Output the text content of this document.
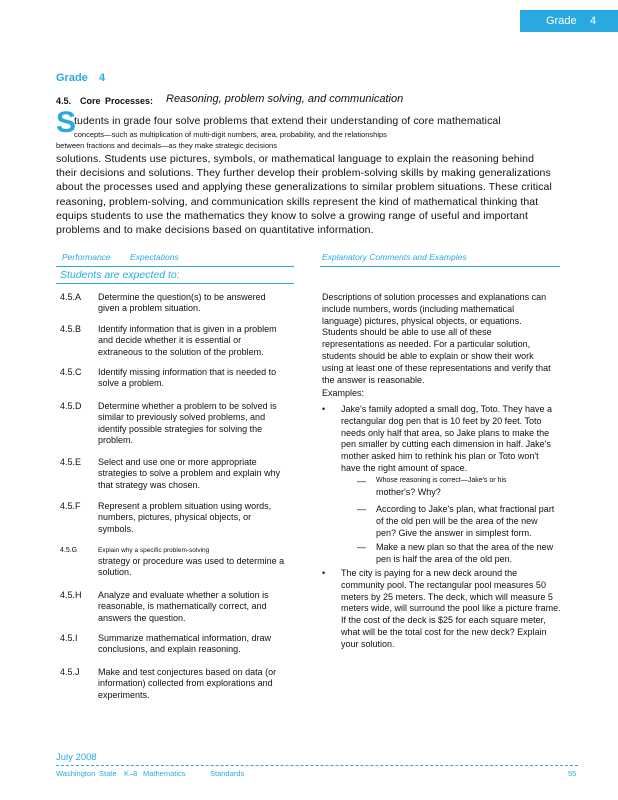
Grade 4
Grade 4
4.5. Core Processes: Reasoning, problem solving, and communication
S
tudents in grade four solve problems that extend their understanding of core mathematical
concepts—such as multiplication of multi-digit numbers, area, probability, and the relationships
between fractions and decimals—as they make strategic decisions
solutions. Students use pictures, symbols, or mathematical language to explain the reasoning behind
their decisions and solutions. They further develop their problem-solving skills by making generalizations
about the processes used and applying these generalizations to similar problem situations. These critical
reasoning, problem-solving, and communication skills represent the kind of mathematical thinking that
equips students to use the mathematics they know to solve a growing range of useful and important
problems and to make decisions based on quantitative information.
Performance Expectations
Students are expected to:
4.5.A Determine the question(s) to be answered given a problem situation.
4.5.B Identify information that is given in a problem and decide whether it is essential or extraneous to the solution of the problem.
4.5.C Identify missing information that is needed to solve a problem.
4.5.D Determine whether a problem to be solved is similar to previously solved problems, and identify possible strategies for solving the problem.
4.5.E Select and use one or more appropriate strategies to solve a problem and explain why that strategy was chosen.
4.5.F Represent a problem situation using words, numbers, pictures, physical objects, or symbols.
4.5.G	Explain why a specific problem-solving
strategy or procedure was used to determine a solution.
4.5.H Analyze and evaluate whether a solution is reasonable, is mathematically correct, and answers the question.
4.5.I Summarize mathematical information, draw conclusions, and explain reasoning.
4.5.J Make and test conjectures based on data (or information) collected from explorations and experiments.
Explanatory Comments and Examples
Descriptions of solution processes and explanations can include numbers, words (including mathematical language) pictures, physical objects, or equations. Students should be able to use all of these representations as needed. For a particular solution, students should be able to explain or show their work using at least one of these representations and verify that the answer is reasonable.
Examples:
• Jake's family adopted a small dog, Toto. They have a rectangular dog pen that is 10 feet by 20 feet. Toto needs only half that area, so Jake plans to make the pen smaller by cutting each dimension in half. Jake's mother asked him to rethink his plan or Toto won't have the right amount of space.
— Whose reasoning is correct—Jake's or his
mother's? Why?
— According to Jake's plan, what fractional part of the old pen will be the area of the new pen? Give the answer in simplest form.
— Make a new plan so that the area of the new pen is half the area of the old pen.
• The city is paying for a new deck around the community pool. The rectangular pool measures 50 meters by 25 meters. The deck, which will measure 5 meters wide, will surround the pool like a picture frame. If the cost of the deck is $25 for each square meter, what will be the total cost for the new deck? Explain your solution.
July 2008
Washington State K–8 Mathematics	Standards	55
